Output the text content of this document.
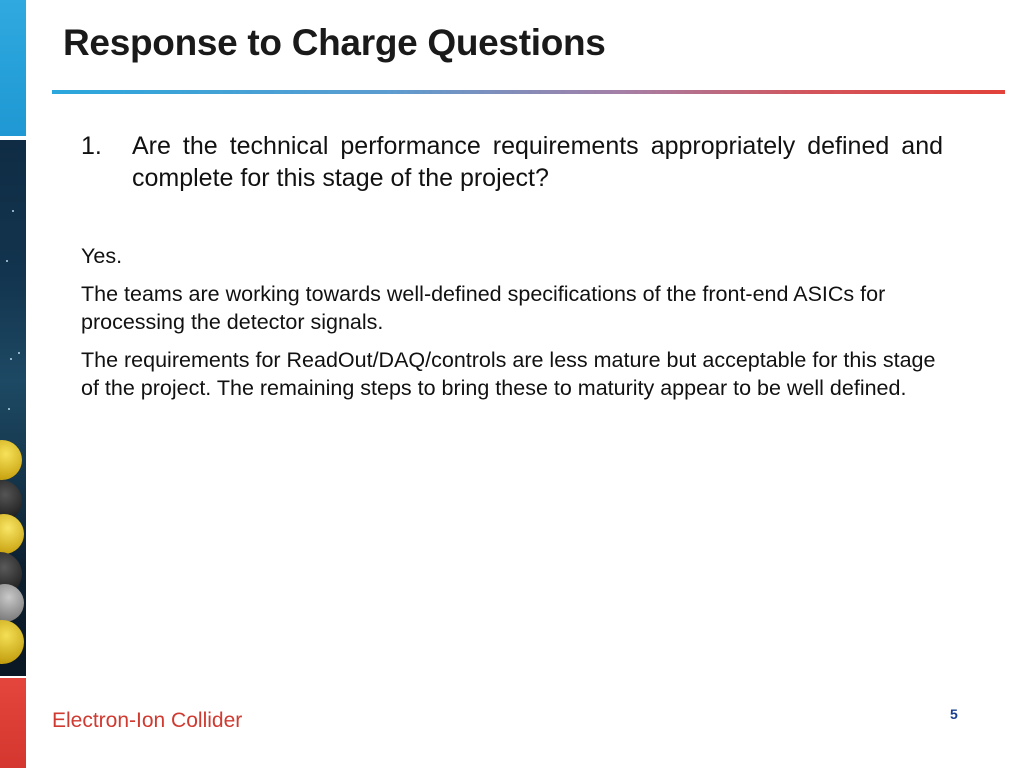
Response to Charge Questions
1. Are the technical performance requirements appropriately defined and complete for this stage of the project?

Yes.

The teams are working towards well-defined specifications of the front-end ASICs for processing the detector signals.

The requirements for ReadOut/DAQ/controls are less mature but acceptable for this stage of the project. The remaining steps to bring these to maturity appear to be well defined.

Electron-Ion Collider	5
